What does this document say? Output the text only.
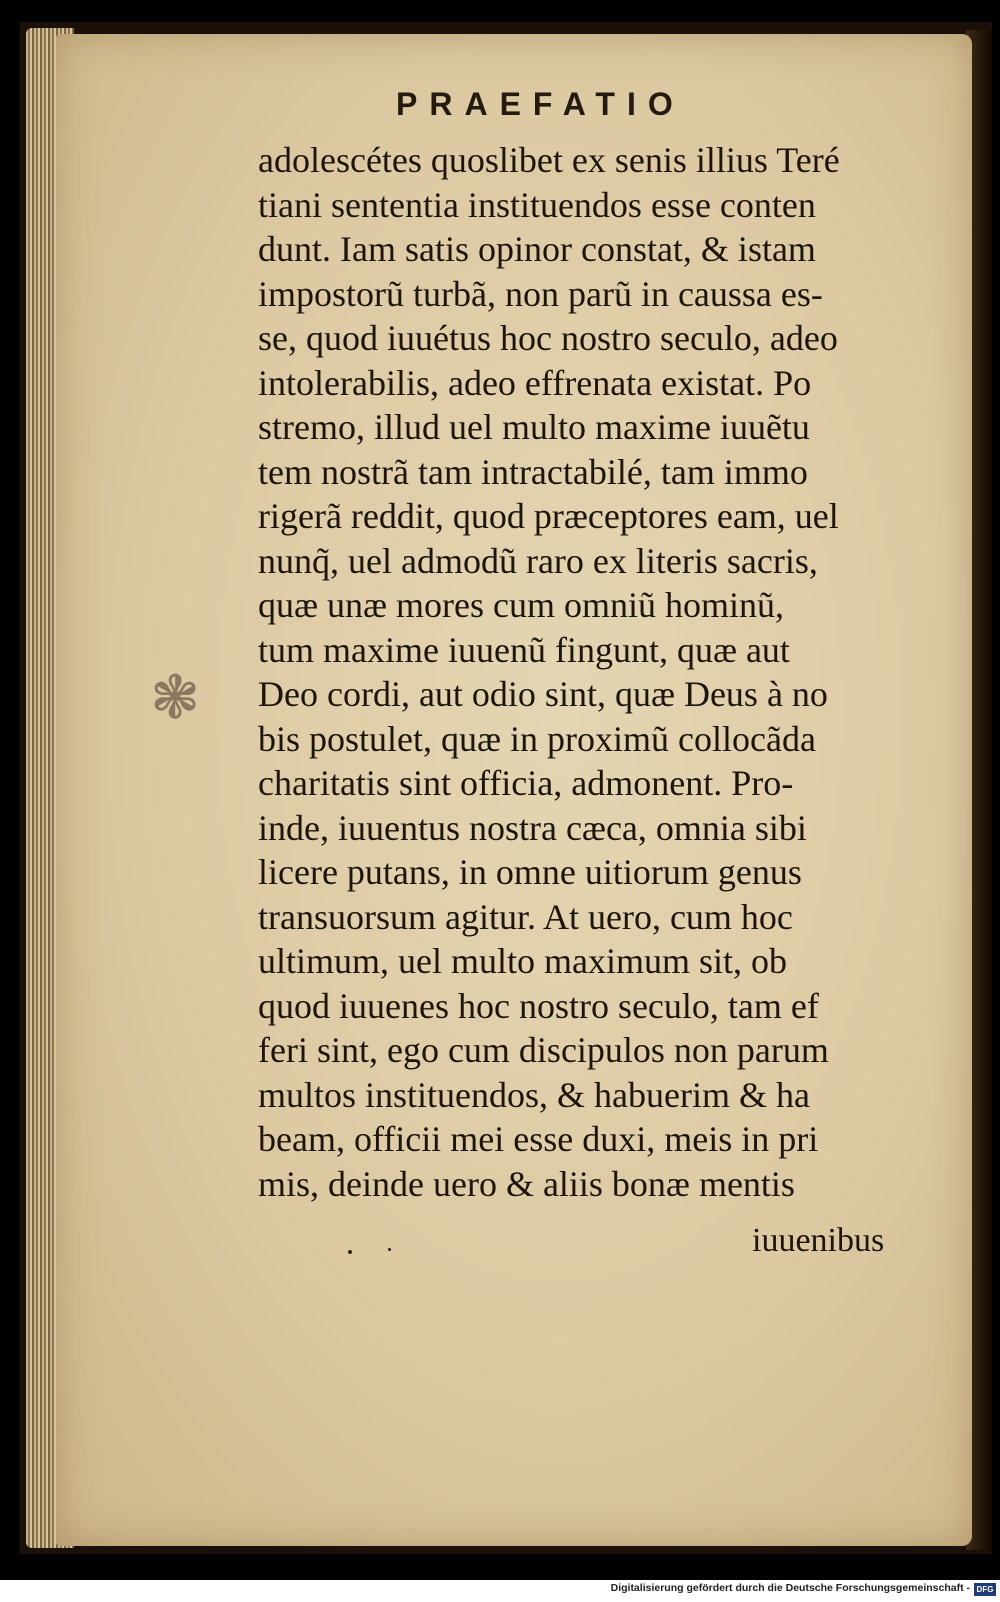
PRAEFATIO
❃
adolescétes quoslibet ex senis illius Teré
tiani sententia instituendos esse conten
dunt. Iam satis opinor constat, & istam
impostorũ turbã, non parũ in caussa es-
se, quod iuuétus hoc nostro seculo, adeo
intolerabilis, adeo effrenata existat. Po
stremo, illud uel multo maxime iuuẽtu
tem nostrã tam intractabilé, tam immo
rigerã reddit, quod præceptores eam, uel
nunq̃, uel admodũ raro ex literis sacris,
quæ unæ mores cum omniũ hominũ,
tum maxime iuuenũ fingunt, quæ aut
Deo cordi, aut odio sint, quæ Deus à no
bis postulet, quæ in proximũ collocãda
charitatis sint officia, admonent. Pro-
inde, iuuentus nostra cæca, omnia sibi
licere putans, in omne uitiorum genus
transuorsum agitur. At uero, cum hoc
ultimum, uel multo maximum sit, ob
quod iuuenes hoc nostro seculo, tam ef
feri sint, ego cum discipulos non parum
multos instituendos, & habuerim & ha
beam, officii mei esse duxi, meis in pri
mis, deinde uero & aliis bonæ mentis
iuuenibus
Digitalisierung gefördert durch die Deutsche Forschungsgemeinschaft - DFG
